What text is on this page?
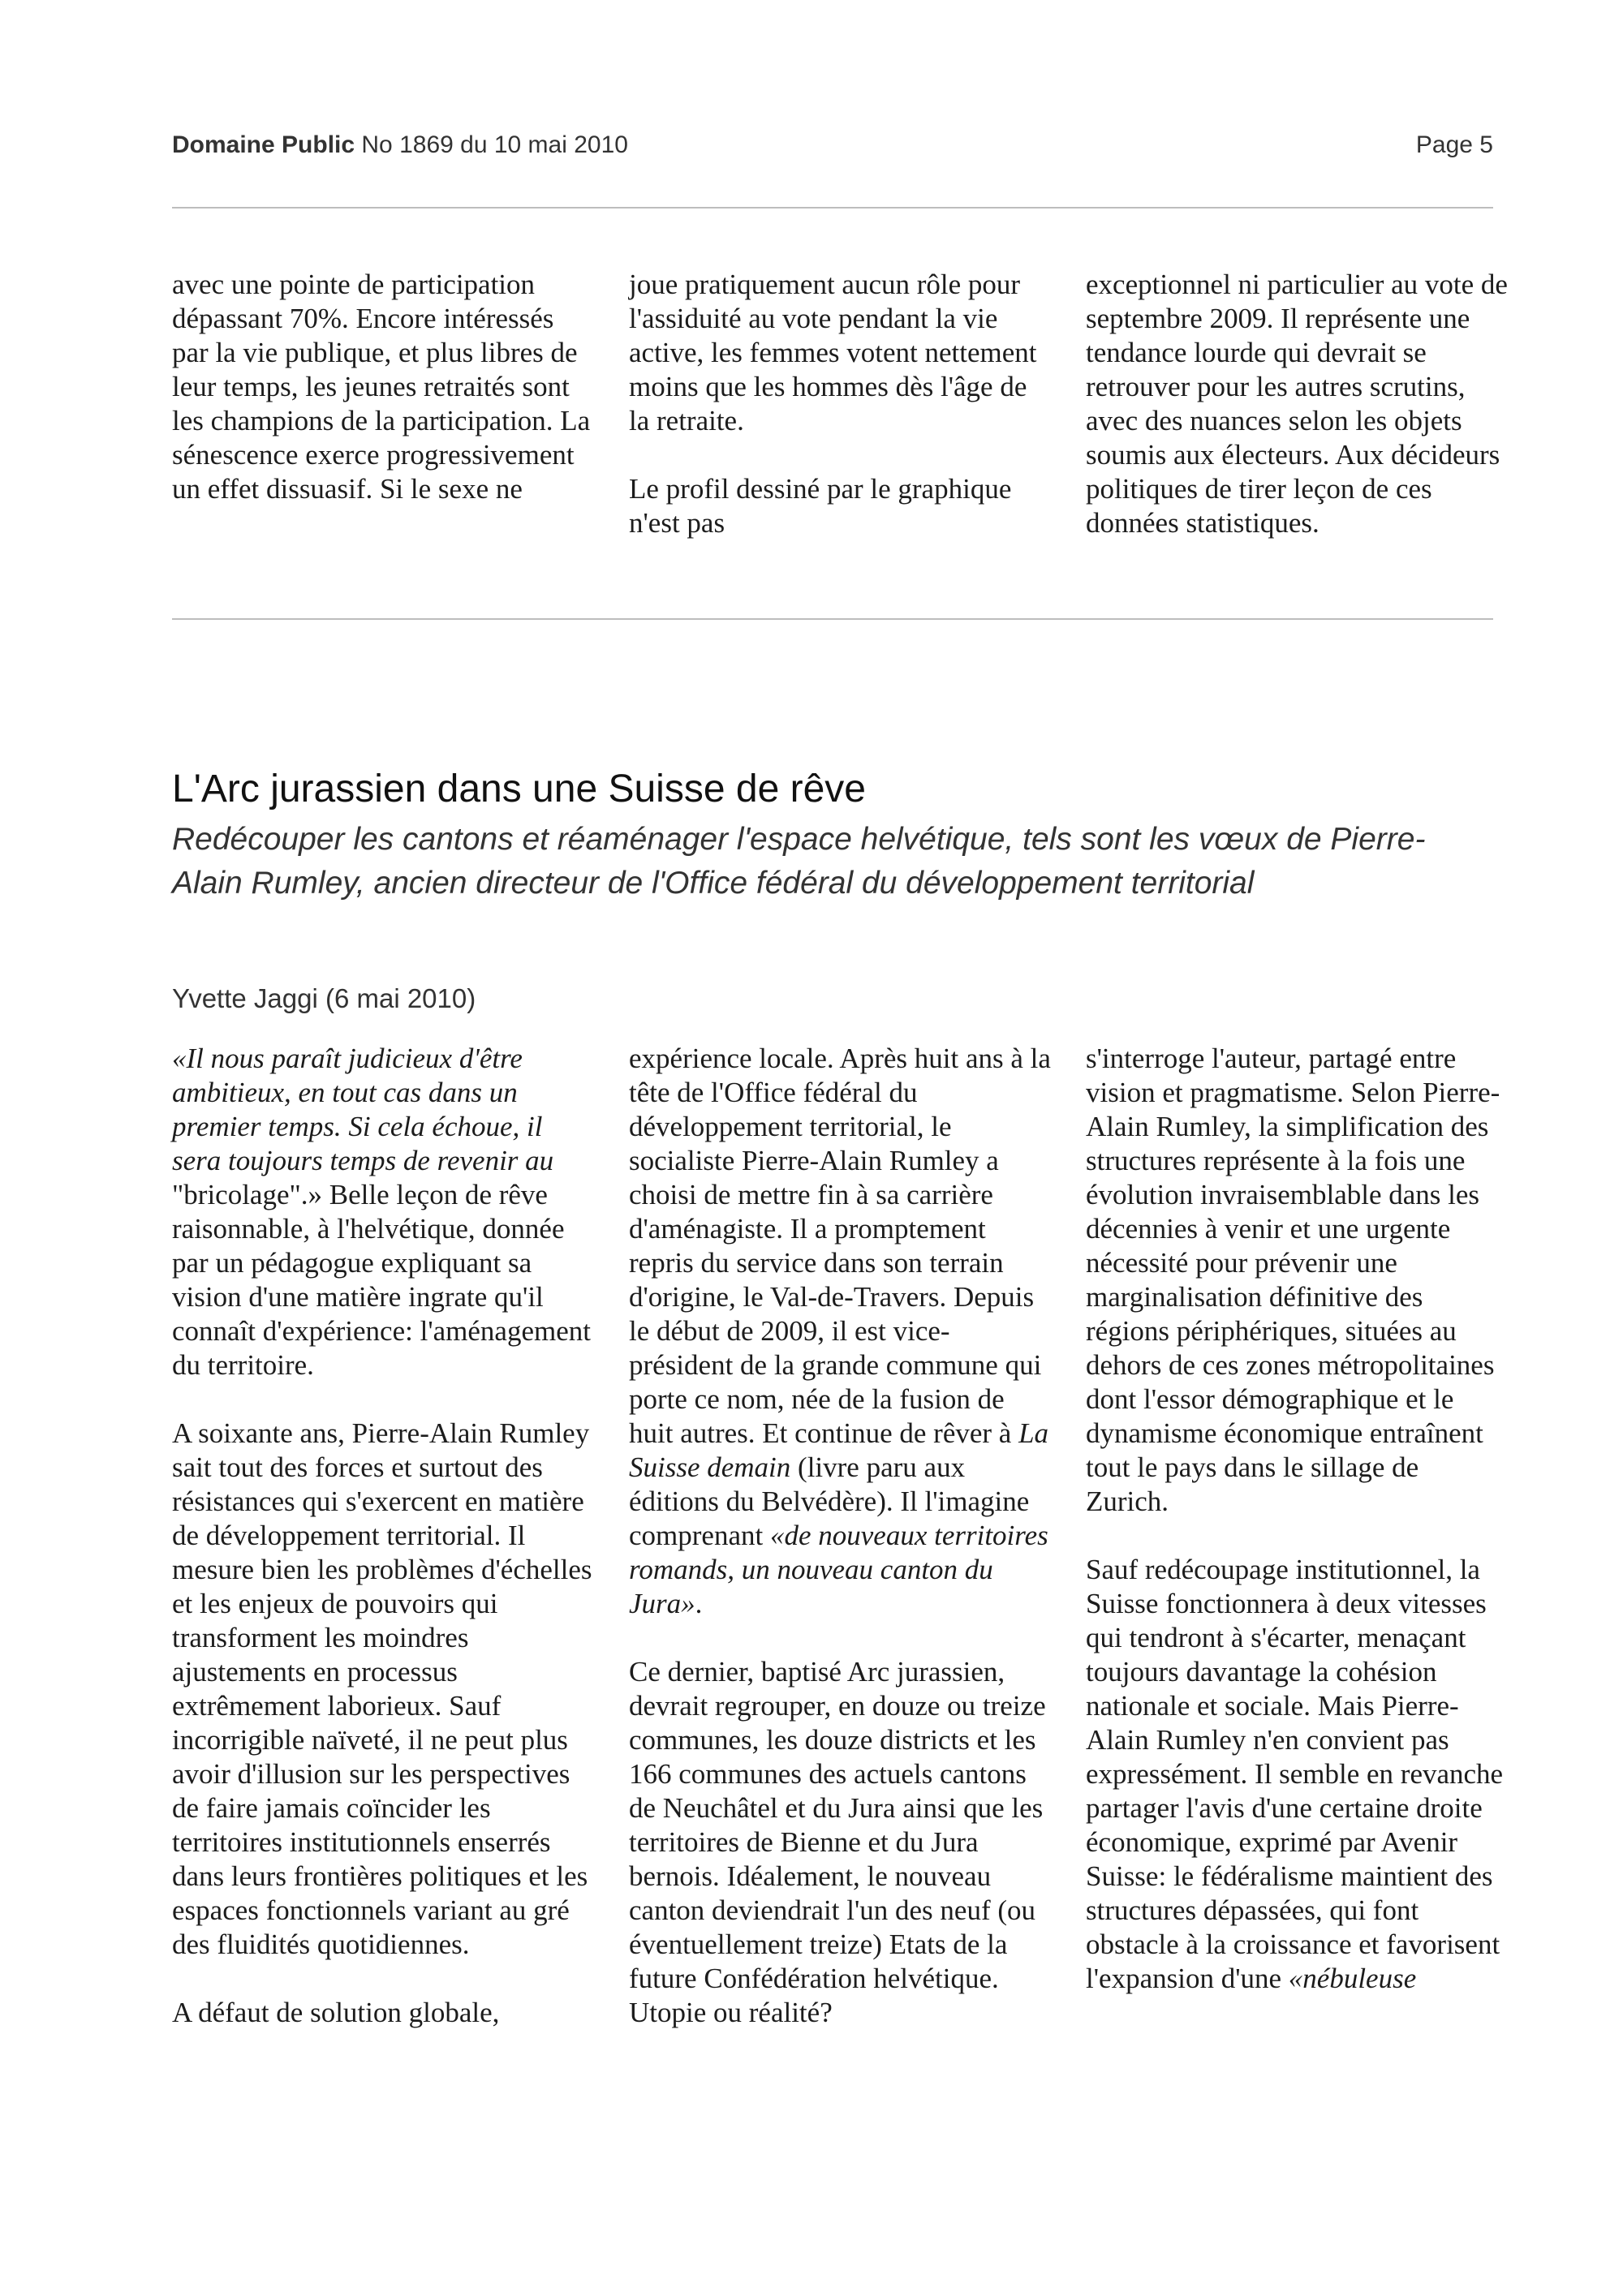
Domaine Public No 1869 du 10 mai 2010	Page 5

avec une pointe de participation dépassant 70%. Encore intéressés par la vie publique, et plus libres de leur temps, les jeunes retraités sont les champions de la participation. La sénescence exerce progressivement un effet dissuasif. Si le sexe ne

joue pratiquement aucun rôle pour l'assiduité au vote pendant la vie active, les femmes votent nettement moins que les hommes dès l'âge de la retraite.

Le profil dessiné par le graphique n'est pas

exceptionnel ni particulier au vote de septembre 2009. Il représente une tendance lourde qui devrait se retrouver pour les autres scrutins, avec des nuances selon les objets soumis aux électeurs. Aux décideurs politiques de tirer leçon de ces données statistiques.

L'Arc jurassien dans une Suisse de rêve

Redécouper les cantons et réaménager l'espace helvétique, tels sont les vœux de Pierre-Alain Rumley, ancien directeur de l'Office fédéral du développement territorial

Yvette Jaggi (6 mai 2010)

«Il nous paraît judicieux d'être ambitieux, en tout cas dans un premier temps. Si cela échoue, il sera toujours temps de revenir au "bricolage".» Belle leçon de rêve raisonnable, à l'helvétique, donnée par un pédagogue expliquant sa vision d'une matière ingrate qu'il connaît d'expérience: l'aménagement du territoire.

A soixante ans, Pierre-Alain Rumley sait tout des forces et surtout des résistances qui s'exercent en matière de développement territorial. Il mesure bien les problèmes d'échelles et les enjeux de pouvoirs qui transforment les moindres ajustements en processus extrêmement laborieux. Sauf incorrigible naïveté, il ne peut plus avoir d'illusion sur les perspectives de faire jamais coïncider les territoires institutionnels enserrés dans leurs frontières politiques et les espaces fonctionnels variant au gré des fluidités quotidiennes.

A défaut de solution globale,

expérience locale. Après huit ans à la tête de l'Office fédéral du développement territorial, le socialiste Pierre-Alain Rumley a choisi de mettre fin à sa carrière d'aménagiste. Il a promptement repris du service dans son terrain d'origine, le Val-de-Travers. Depuis le début de 2009, il est vice-président de la grande commune qui porte ce nom, née de la fusion de huit autres. Et continue de rêver à La Suisse demain (livre paru aux éditions du Belvédère). Il l'imagine comprenant «de nouveaux territoires romands, un nouveau canton du Jura».

Ce dernier, baptisé Arc jurassien, devrait regrouper, en douze ou treize communes, les douze districts et les 166 communes des actuels cantons de Neuchâtel et du Jura ainsi que les territoires de Bienne et du Jura bernois. Idéalement, le nouveau canton deviendrait l'un des neuf (ou éventuellement treize) Etats de la future Confédération helvétique. Utopie ou réalité?

s'interroge l'auteur, partagé entre vision et pragmatisme. Selon Pierre-Alain Rumley, la simplification des structures représente à la fois une évolution invraisemblable dans les décennies à venir et une urgente nécessité pour prévenir une marginalisation définitive des régions périphériques, situées au dehors de ces zones métropolitaines dont l'essor démographique et le dynamisme économique entraînent tout le pays dans le sillage de Zurich.

Sauf redécoupage institutionnel, la Suisse fonctionnera à deux vitesses qui tendront à s'écarter, menaçant toujours davantage la cohésion nationale et sociale. Mais Pierre-Alain Rumley n'en convient pas expressément. Il semble en revanche partager l'avis d'une certaine droite économique, exprimé par Avenir Suisse: le fédéralisme maintient des structures dépassées, qui font obstacle à la croissance et favorisent l'expansion d'une «nébuleuse
